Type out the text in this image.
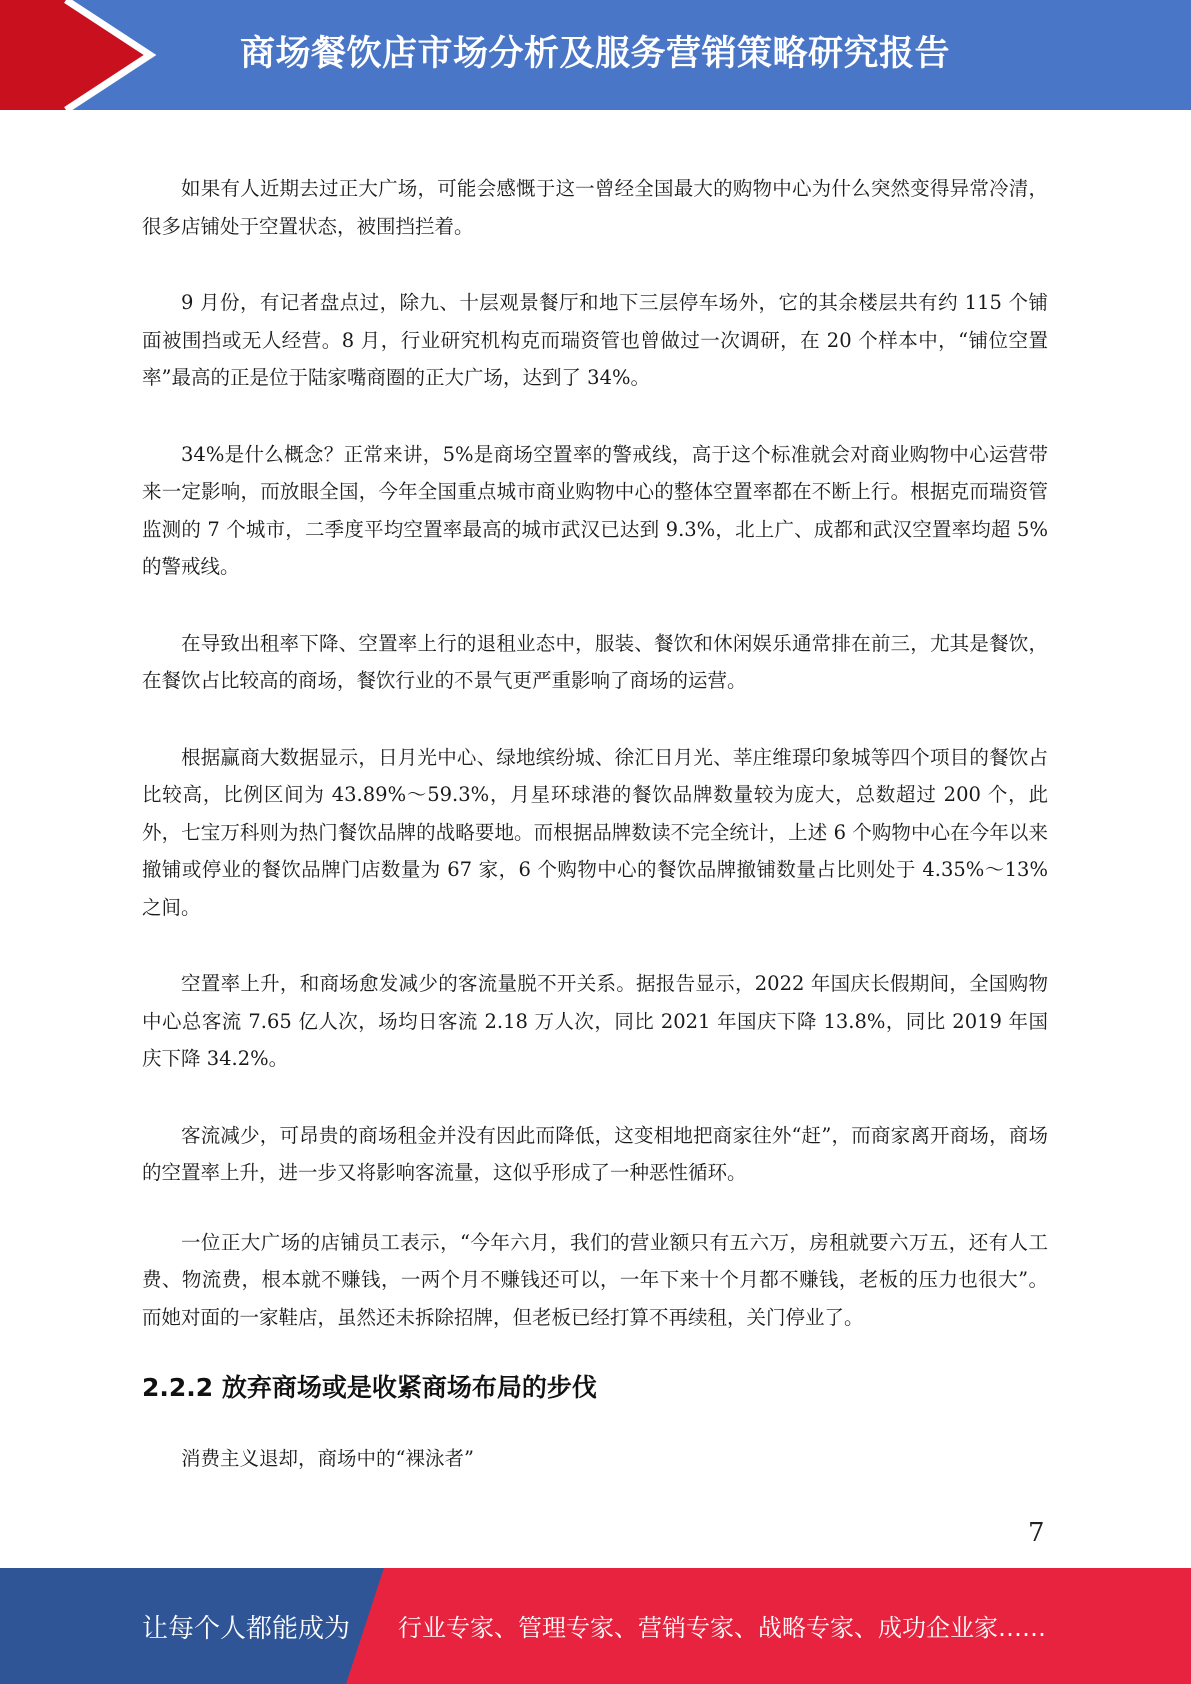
商场餐饮店市场分析及服务营销策略研究报告

如果有人近期去过正大广场，可能会感慨于这一曾经全国最大的购物中心为什么突然变得异常冷清，很多店铺处于空置状态，被围挡拦着。

9 月份，有记者盘点过，除九、十层观景餐厅和地下三层停车场外，它的其余楼层共有约 115 个铺面被围挡或无人经营。8 月，行业研究机构克而瑞资管也曾做过一次调研，在 20 个样本中，“铺位空置率”最高的正是位于陆家嘴商圈的正大广场，达到了 34%。

34%是什么概念？正常来讲，5%是商场空置率的警戒线，高于这个标准就会对商业购物中心运营带来一定影响，而放眼全国，今年全国重点城市商业购物中心的整体空置率都在不断上行。根据克而瑞资管监测的 7 个城市，二季度平均空置率最高的城市武汉已达到 9.3%，北上广、成都和武汉空置率均超 5%的警戒线。

在导致出租率下降、空置率上行的退租业态中，服装、餐饮和休闲娱乐通常排在前三，尤其是餐饮，在餐饮占比较高的商场，餐饮行业的不景气更严重影响了商场的运营。

根据赢商大数据显示，日月光中心、绿地缤纷城、徐汇日月光、莘庄维璟印象城等四个项目的餐饮占比较高，比例区间为 43.89%～59.3%，月星环球港的餐饮品牌数量较为庞大，总数超过 200 个，此外，七宝万科则为热门餐饮品牌的战略要地。而根据品牌数读不完全统计，上述 6 个购物中心在今年以来撤铺或停业的餐饮品牌门店数量为 67 家，6 个购物中心的餐饮品牌撤铺数量占比则处于 4.35%～13%之间。

空置率上升，和商场愈发减少的客流量脱不开关系。据报告显示，2022 年国庆长假期间，全国购物中心总客流 7.65 亿人次，场均日客流 2.18 万人次，同比 2021 年国庆下降 13.8%，同比 2019 年国庆下降 34.2%。

客流减少，可昂贵的商场租金并没有因此而降低，这变相地把商家往外“赶”，而商家离开商场，商场的空置率上升，进一步又将影响客流量，这似乎形成了一种恶性循环。

一位正大广场的店铺员工表示，“今年六月，我们的营业额只有五六万，房租就要六万五，还有人工费、物流费，根本就不赚钱，一两个月不赚钱还可以，一年下来十个月都不赚钱，老板的压力也很大”。而她对面的一家鞋店，虽然还未拆除招牌，但老板已经打算不再续租，关门停业了。

2.2.2 放弃商场或是收紧商场布局的步伐

消费主义退却，商场中的“裸泳者”

7
让每个人都能成为 行业专家、管理专家、营销专家、战略专家、成功企业家……
